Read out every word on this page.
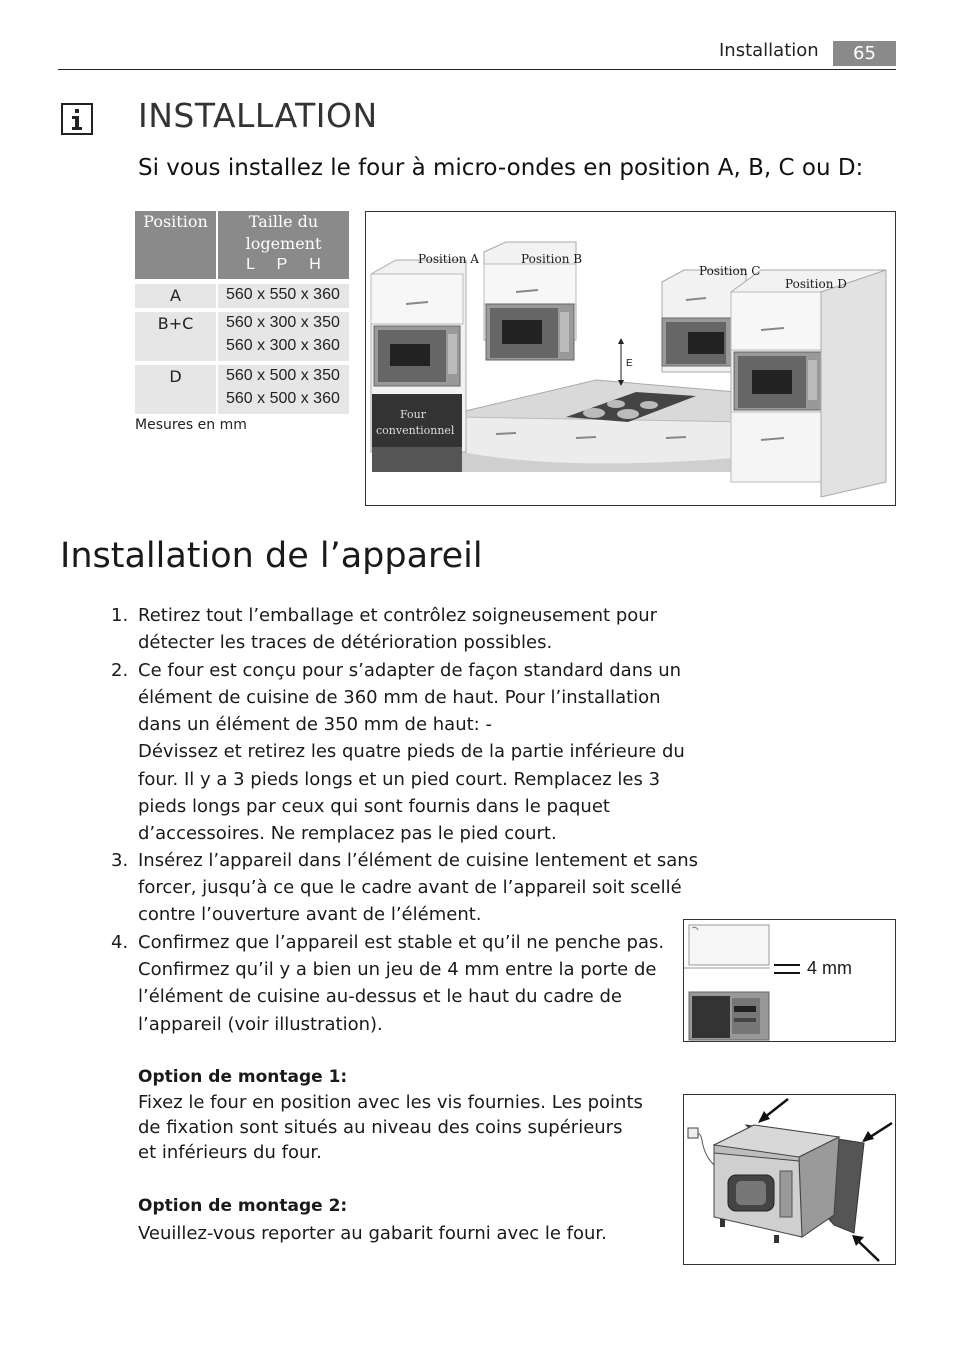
Installation	65
INSTALLATION
Si vous installez le four à micro-ondes en position A, B, C ou D:
Position	Taille du
logement
L     P     H
A	560 x 550 x 360
B+C	560 x 300 x 350
560 x 300 x 360
D	560 x 500 x 350
560 x 500 x 360
Mesures en mm
Position A	Position B
Position C
Position D
E
Four
conventionnel
Installation de l’appareil
1. Retirez tout l’emballage et contrôlez soigneusement pour
détecter les traces de détérioration possibles.
2. Ce four est conçu pour s’adapter de façon standard dans un
élément de cuisine de 360 mm de haut. Pour l’installation
dans un élément de 350 mm de haut: -
Dévissez et retirez les quatre pieds de la partie inférieure du
four. Il y a 3 pieds longs et un pied court. Remplacez les 3
pieds longs par ceux qui sont fournis dans le paquet
d’accessoires. Ne remplacez pas le pied court.
3. Insérez l’appareil dans l’élément de cuisine lentement et sans
forcer, jusqu’à ce que le cadre avant de l’appareil soit scellé
contre l’ouverture avant de l’élément.
4. Confirmez que l’appareil est stable et qu’il ne penche pas.
Confirmez qu’il y a bien un jeu de 4 mm entre la porte de
l’élément de cuisine au-dessus et le haut du cadre de
l’appareil (voir illustration).
Option de montage 1:
Fixez le four en position avec les vis fournies. Les points
de fixation sont situés au niveau des coins supérieurs
et inférieurs du four.
Option de montage 2:
Veuillez-vous reporter au gabarit fourni avec le four.
4 mm
